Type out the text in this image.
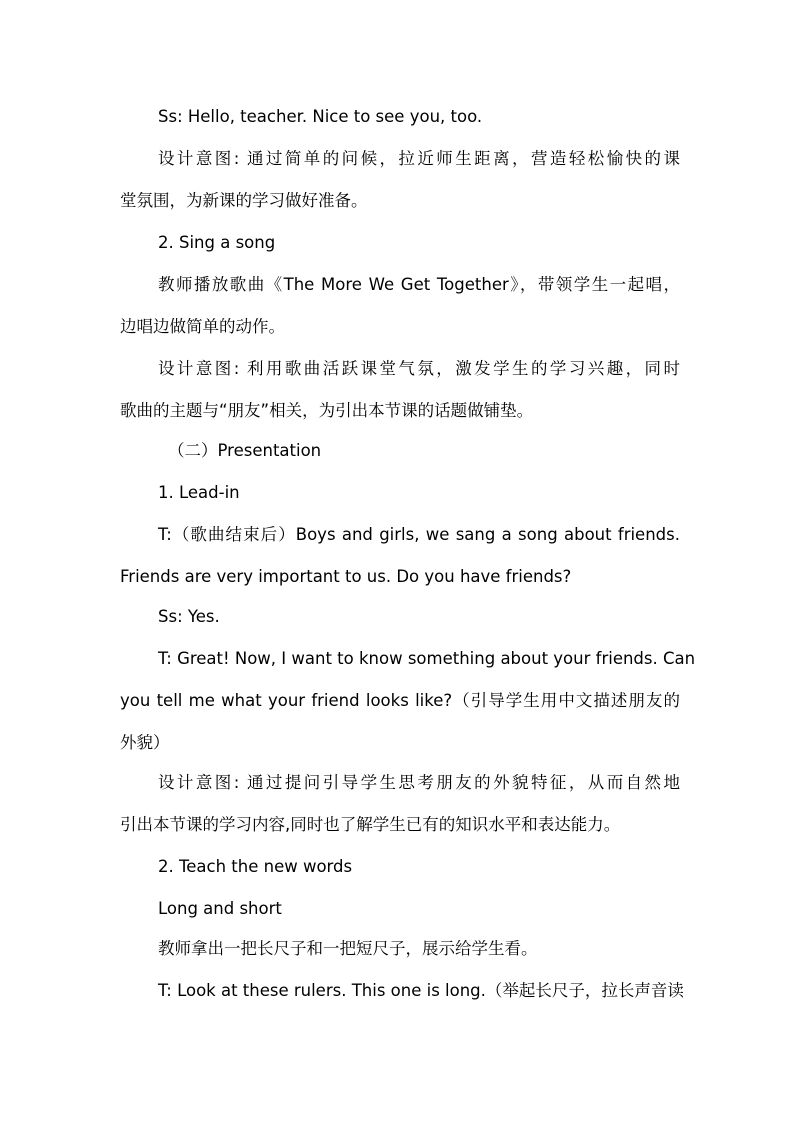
Ss: Hello, teacher. Nice to see you, too.
设计意图: 通过简单的问候，拉近师生距离，营造轻松愉快的课
堂氛围，为新课的学习做好准备。
2. Sing a song
教师播放歌曲《The More We Get Together》，带领学生一起唱，
边唱边做简单的动作。
设计意图: 利用歌曲活跃课堂气氛，激发学生的学习兴趣，同时
歌曲的主题与“朋友”相关，为引出本节课的话题做铺垫。
（二）Presentation
1. Lead-in
T:（歌曲结束后）Boys and girls, we sang a song about friends.
Friends are very important to us. Do you have friends?
Ss: Yes.
T: Great! Now, I want to know something about your friends. Can
you tell me what your friend looks like?（引导学生用中文描述朋友的
外貌）
设计意图: 通过提问引导学生思考朋友的外貌特征，从而自然地
引出本节课的学习内容,同时也了解学生已有的知识水平和表达能力。
2. Teach the new words
Long and short
教师拿出一把长尺子和一把短尺子，展示给学生看。
T: Look at these rulers. This one is long.（举起长尺子，拉长声音读
